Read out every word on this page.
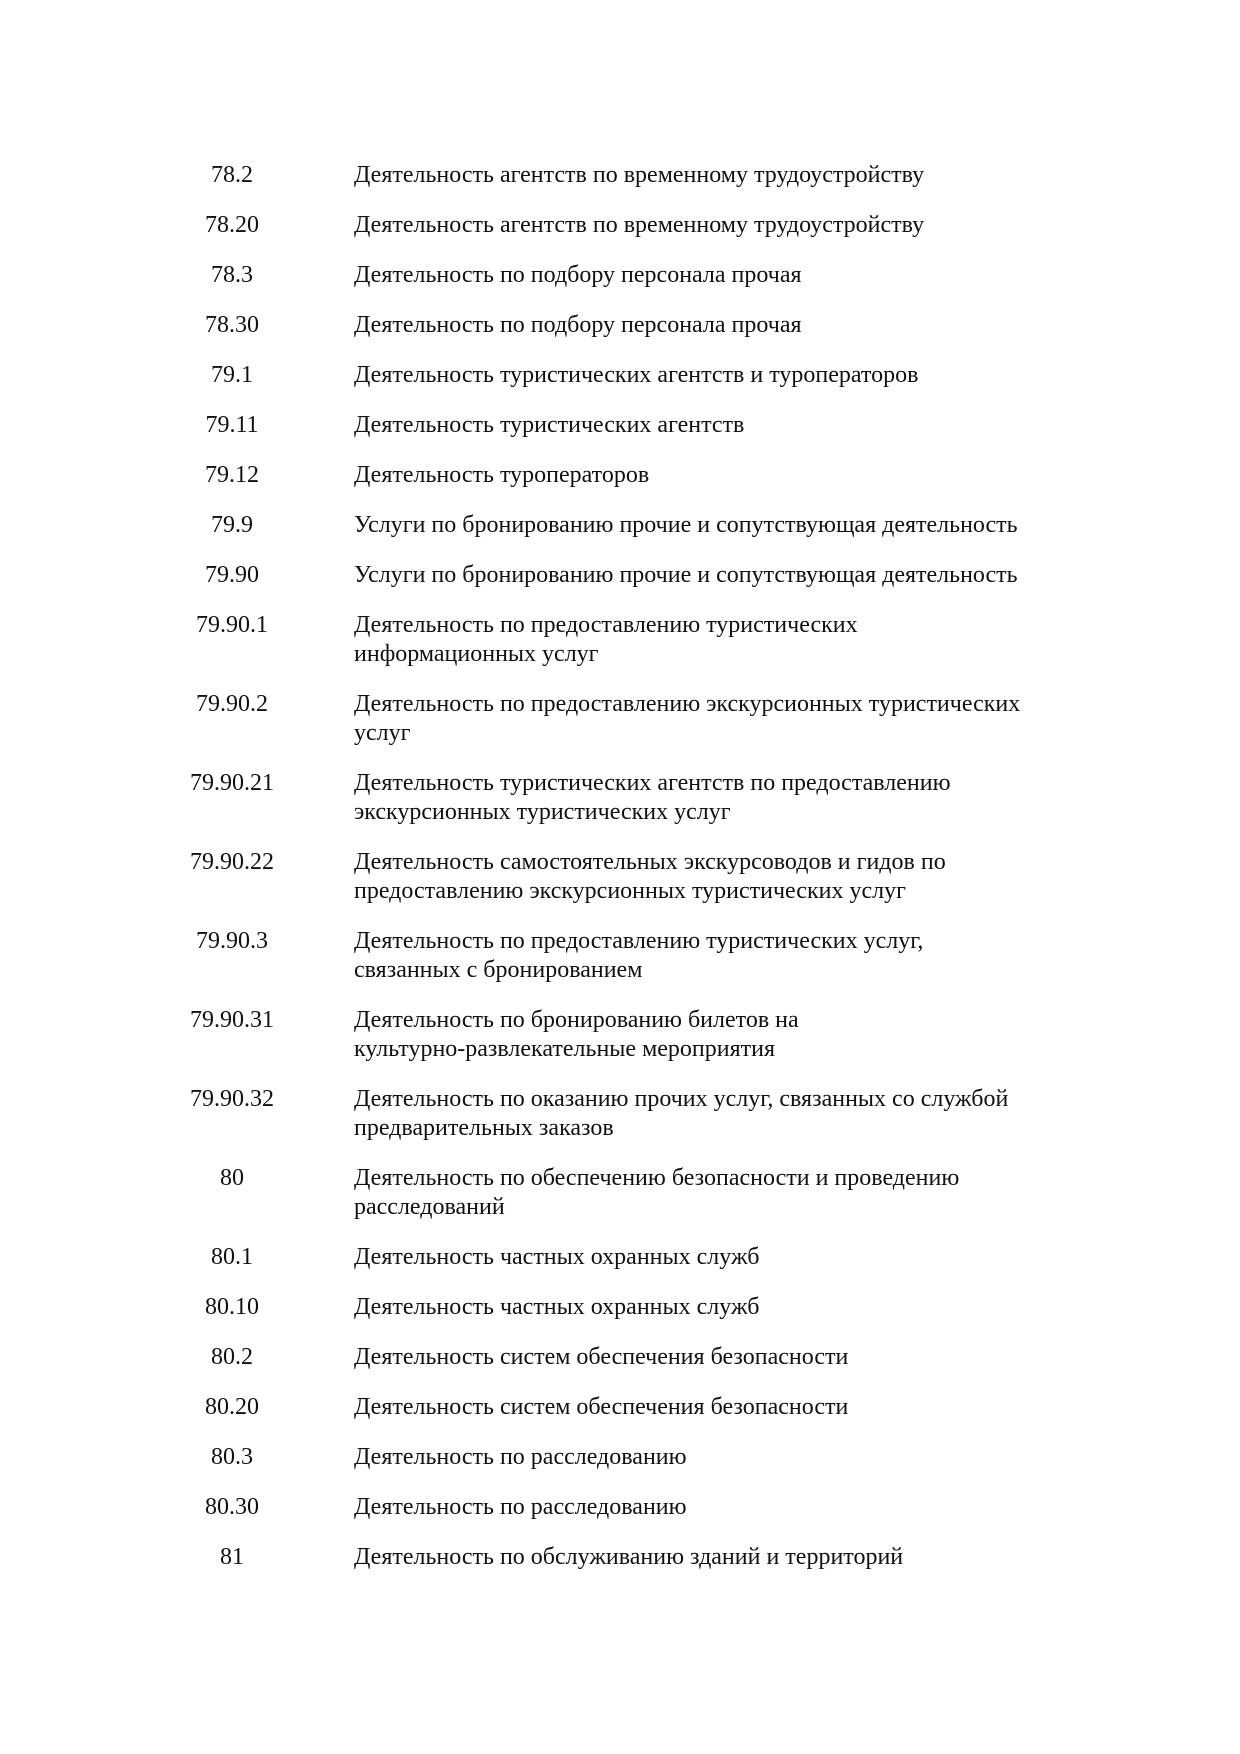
78.2	Деятельность агентств по временному трудоустройству
78.20	Деятельность агентств по временному трудоустройству
78.3	Деятельность по подбору персонала прочая
78.30	Деятельность по подбору персонала прочая
79.1	Деятельность туристических агентств и туроператоров
79.11	Деятельность туристических агентств
79.12	Деятельность туроператоров
79.9	Услуги по бронированию прочие и сопутствующая деятельность
79.90	Услуги по бронированию прочие и сопутствующая деятельность
79.90.1	Деятельность по предоставлению туристических
информационных услуг
79.90.2	Деятельность по предоставлению экскурсионных туристических
услуг
79.90.21	Деятельность туристических агентств по предоставлению
экскурсионных туристических услуг
79.90.22	Деятельность самостоятельных экскурсоводов и гидов по
предоставлению экскурсионных туристических услуг
79.90.3	Деятельность по предоставлению туристических услуг,
связанных с бронированием
79.90.31	Деятельность по бронированию билетов на
культурно-развлекательные мероприятия
79.90.32	Деятельность по оказанию прочих услуг, связанных со службой
предварительных заказов
80	Деятельность по обеспечению безопасности и проведению
расследований
80.1	Деятельность частных охранных служб
80.10	Деятельность частных охранных служб
80.2	Деятельность систем обеспечения безопасности
80.20	Деятельность систем обеспечения безопасности
80.3	Деятельность по расследованию
80.30	Деятельность по расследованию
81	Деятельность по обслуживанию зданий и территорий
